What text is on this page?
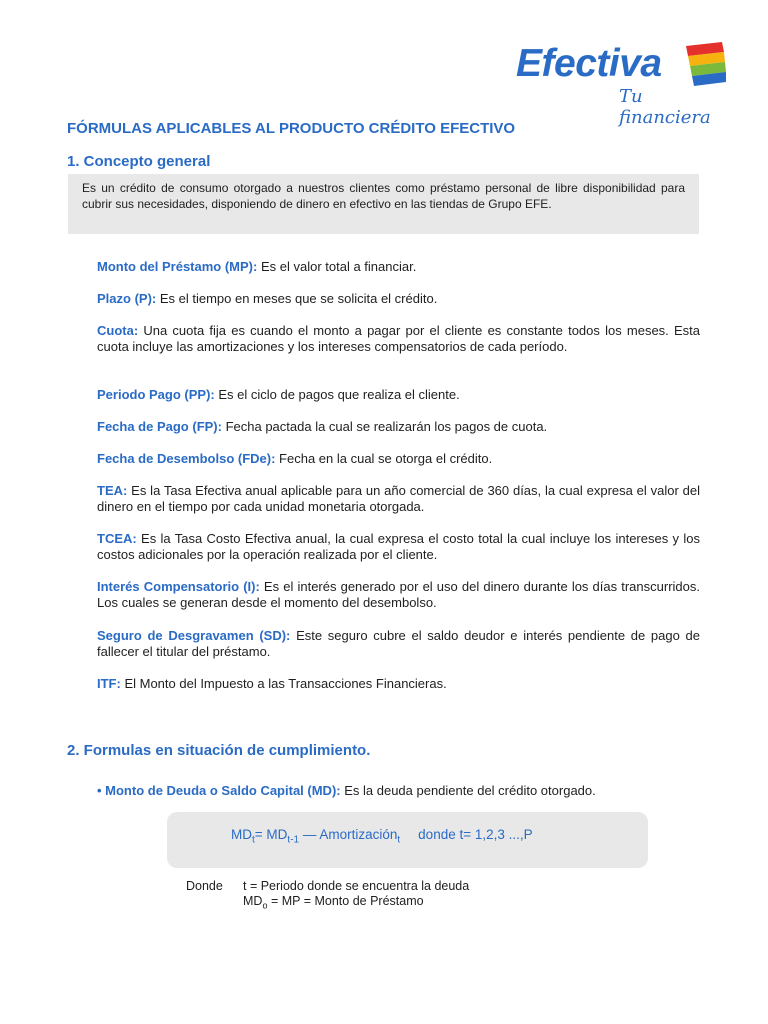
Efectiva
Tu financiera
FÓRMULAS APLICABLES AL PRODUCTO CRÉDITO EFECTIVO
1. Concepto general

Es un crédito de consumo otorgado a nuestros clientes como préstamo personal de libre disponibilidad para cubrir sus necesidades, disponiendo de dinero en efectivo en las tiendas de Grupo EFE.

Monto del Préstamo (MP): Es el valor total a financiar.

Plazo (P): Es el tiempo en meses que se solicita el crédito.

Cuota: Una cuota fija es cuando el monto a pagar por el cliente es constante todos los meses. Esta cuota incluye las amortizaciones y los intereses compensatorios de cada período.

Periodo Pago (PP): Es el ciclo de pagos que realiza el cliente.

Fecha de Pago (FP): Fecha pactada la cual se realizarán los pagos de cuota.

Fecha de Desembolso (FDe): Fecha en la cual se otorga el crédito.

TEA: Es la Tasa Efectiva anual aplicable para un año comercial de 360 días, la cual expresa el valor del dinero en el tiempo por cada unidad monetaria otorgada.

TCEA: Es la Tasa Costo Efectiva anual, la cual expresa el costo total la cual incluye los intereses y los costos adicionales por la operación realizada por el cliente.

Interés Compensatorio (I): Es el interés generado por el uso del dinero durante los días transcurridos. Los cuales se generan desde el momento del desembolso.

Seguro de Desgravamen (SD): Este seguro cubre el saldo deudor e interés pendiente de pago de fallecer el titular del préstamo.

ITF: El Monto del Impuesto a las Transacciones Financieras.

2. Formulas en situación de cumplimiento.

• Monto de Deuda o Saldo Capital (MD): Es la deuda pendiente del crédito otorgado.

$MD_t= MD_{t-1}$ — Amortización$_t$ donde t= 1,2,3 ...,P
Donde t = Periodo donde se encuentra la deuda
$MD_o$ = MP = Monto de Préstamo
